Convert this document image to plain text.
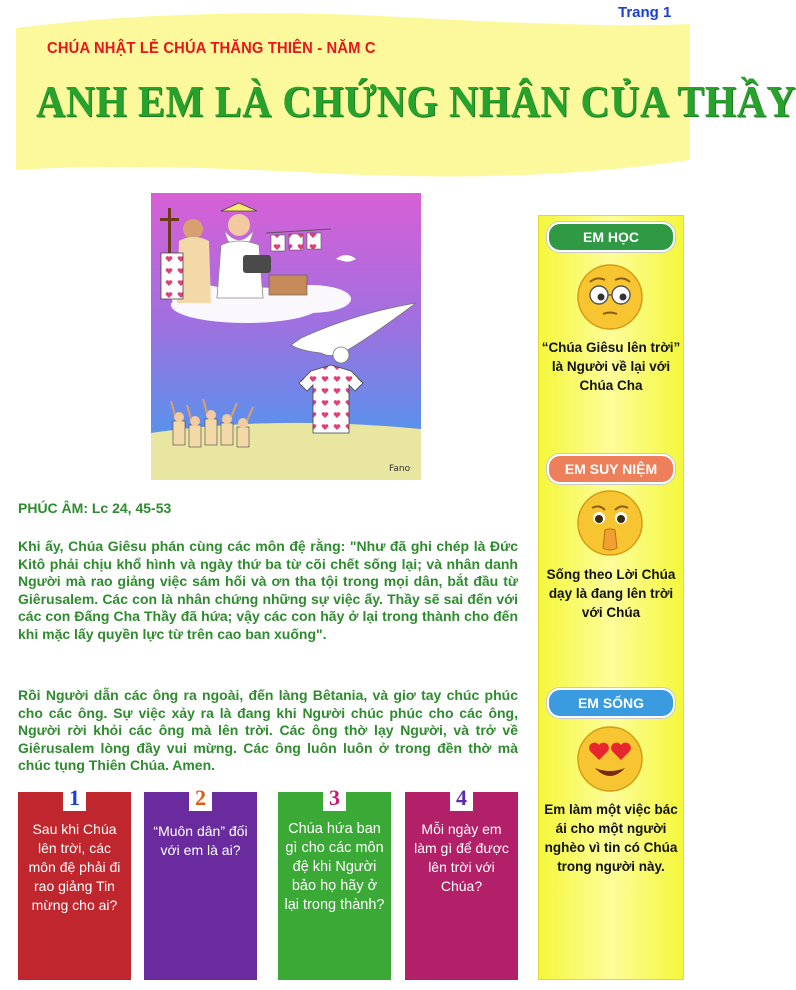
Trang 1
CHÚA NHẬT LỄ CHÚA THĂNG THIÊN - NĂM C
ANH EM LÀ CHỨNG NHÂN CỦA THẦY
Fano
PHÚC ÂM: Lc 24, 45-53

Khi ấy, Chúa Giêsu phán cùng các môn đệ rằng: "Như đã ghi chép là Đức Kitô phải chịu khổ hình và ngày thứ ba từ cõi chết sống lại; và nhân danh Người mà rao giảng việc sám hối và ơn tha tội trong mọi dân, bắt đầu từ Giêrusalem. Các con là nhân chứng những sự việc ấy. Thầy sẽ sai đến với các con Đấng Cha Thầy đã hứa; vậy các con hãy ở lại trong thành cho đến khi mặc lấy quyền lực từ trên cao ban xuống".

Rồi Người dẫn các ông ra ngoài, đến làng Bêtania, và giơ tay chúc phúc cho các ông. Sự việc xảy ra là đang khi Người chúc phúc cho các ông, Người rời khỏi các ông mà lên trời. Các ông thờ lạy Người, và trở về Giêrusalem lòng đầy vui mừng. Các ông luôn luôn ở trong đền thờ mà chúc tụng Thiên Chúa. Amen.

EM HỌC
“Chúa Giêsu lên trời” là Người về lại với Chúa Cha
EM SUY NIỆM
Sống theo Lời Chúa dạy là đang lên trời với Chúa
EM SỐNG
Em làm một việc bác ái cho một người nghèo vì tin có Chúa trong người này.
1
Sau khi Chúa lên trời, các môn đệ phải đi rao giảng Tin mừng cho ai?
2
“Muôn dân” đối với em là ai?
3
Chúa hứa ban gì cho các môn đệ khi Người bảo họ hãy ở lại trong thành?
4
Mỗi ngày em làm gì để được lên trời với Chúa?
